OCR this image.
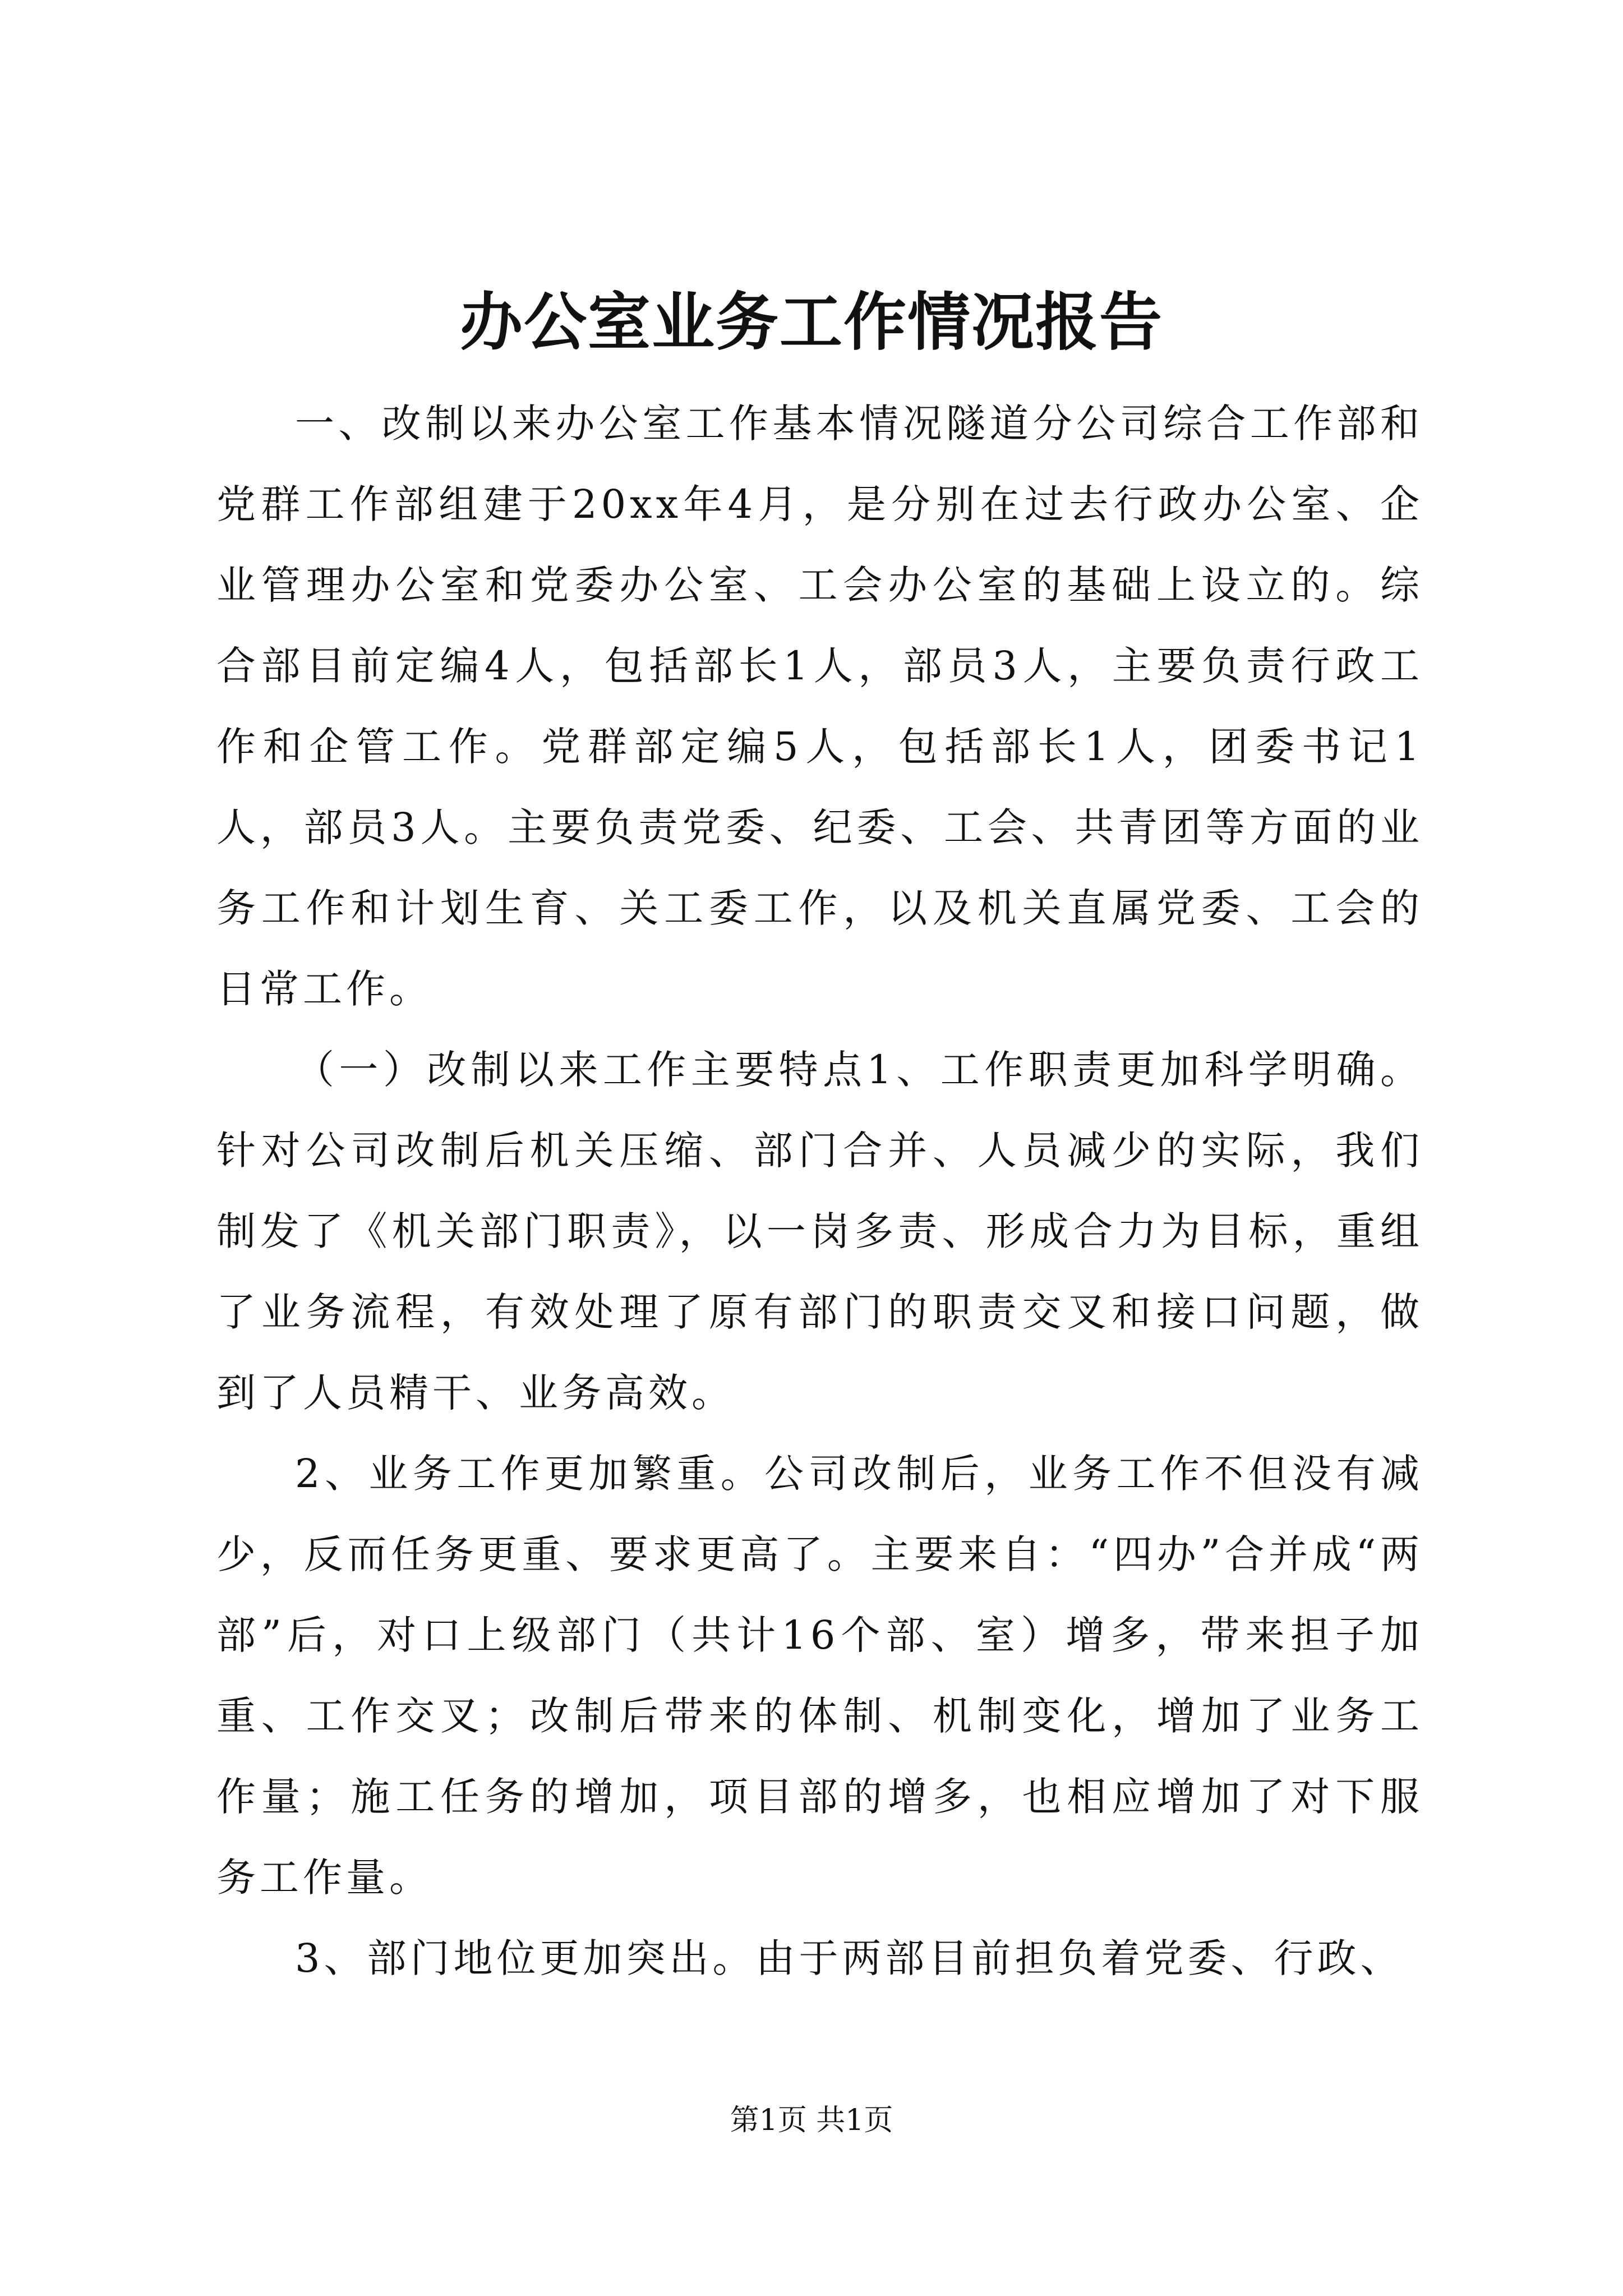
办公室业务工作情况报告

一、改制以来办公室工作基本情况隧道分公司综合工作部和党群工作部组建于20xx年4月，是分别在过去行政办公室、企业管理办公室和党委办公室、工会办公室的基础上设立的。综合部目前定编4人，包括部长1人，部员3人，主要负责行政工作和企管工作。党群部定编5人，包括部长1人，团委书记1人，部员3人。主要负责党委、纪委、工会、共青团等方面的业务工作和计划生育、关工委工作，以及机关直属党委、工会的日常工作。

（一）改制以来工作主要特点1、工作职责更加科学明确。针对公司改制后机关压缩、部门合并、人员减少的实际，我们制发了《机关部门职责》，以一岗多责、形成合力为目标，重组了业务流程，有效处理了原有部门的职责交叉和接口问题，做到了人员精干、业务高效。

2、业务工作更加繁重。公司改制后，业务工作不但没有减少，反而任务更重、要求更高了。主要来自：“四办”合并成“两部”后，对口上级部门（共计16个部、室）增多，带来担子加重、工作交叉；改制后带来的体制、机制变化，增加了业务工作量；施工任务的增加，项目部的增多，也相应增加了对下服务工作量。

3、部门地位更加突出。由于两部目前担负着党委、行政、

第1页 共1页
